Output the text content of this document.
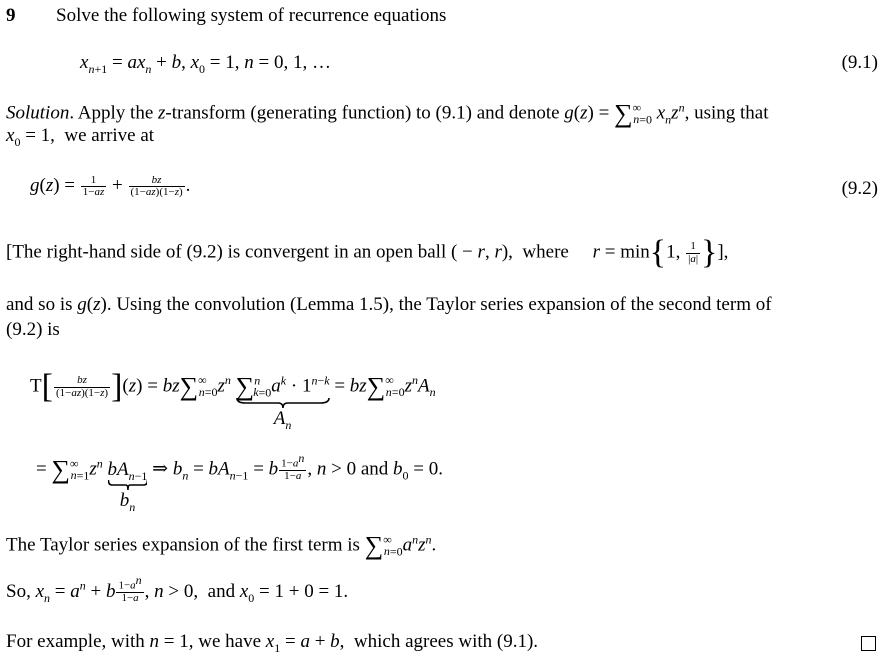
9 Solve the following system of recurrence equations
$x_{n+1} = ax_n + b$, $x_0 = 1$, n = 0, 1, …	(9.1)
Solution. Apply the z-transform (generating function) to (9.1) and denote $g(z) = \sum^\infty_{n=0}$ $x_nz^n$, using that
$x_0 = 1$,  we arrive at
$g(z) = \frac{1}{1-az} + \frac{bz}{(1-az)(1-z)}$ .	(9.2)
[The right-hand side of (9.2) is convergent in an open ball ( − r, r),  where r = min{1, $\frac{1}{|a|}$ }],
and so is g(z). Using the convolution (Lemma 1.5), the Taylor series expansion of the second term of
(9.2) is
$T[ \frac{bz}{(1-az)(1-z)} ](z) = bz\sum^\infty_{n=0}z^n$ $\sum^n_{k=0}a^k \cdot 1^{n-k}$
$A_n$
= $bz\sum^\infty_{n=0}z^nA_n$
= $\sum^\infty_{n=1}z^n$ $bA_{n-1}$
$b_n$
⇒ $b_n = bA_{n-1} = b \frac{1-a^n}{1-a}$ , n > 0 and $b_0 = 0$.
The Taylor series expansion of the first term is $\sum^\infty_{n=0}a^nz^n$.
So, $x_n = a^n + b \frac{1-a^n}{1-a}$ , n > 0,  and $x_0 = 1 + 0 = 1$.
For example, with n = 1, we have $x_1 = a + b$,  which agrees with (9.1).
